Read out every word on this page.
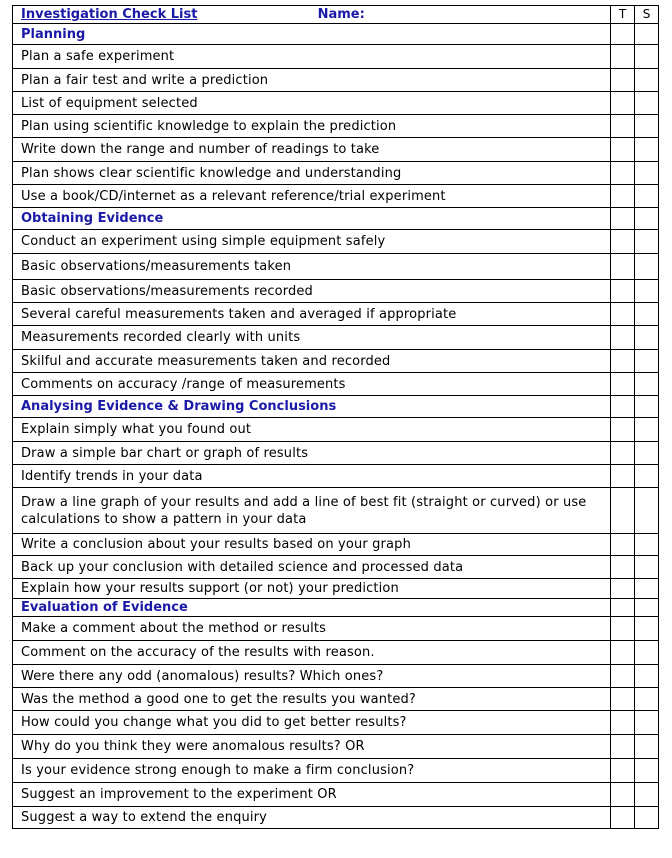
Investigation Check List Name:	T	S
Planning		
Plan a safe experiment		
Plan a fair test and write a prediction		
List of equipment selected		
Plan using scientific knowledge to explain the prediction		
Write down the range and number of readings to take		
Plan shows clear scientific knowledge and understanding		
Use a book/CD/internet as a relevant reference/trial experiment		
Obtaining Evidence		
Conduct an experiment using simple equipment safely		
Basic observations/measurements taken		
Basic observations/measurements recorded		
Several careful measurements taken and averaged if appropriate		
Measurements recorded clearly with units		
Skilful and accurate measurements taken and recorded		
Comments on accuracy /range of measurements		
Analysing Evidence & Drawing Conclusions		
Explain simply what you found out		
Draw a simple bar chart or graph of results		
Identify trends in your data		
Draw a line graph of your results and add a line of best fit (straight or curved) or use calculations to show a pattern in your data		
Write a conclusion about your results based on your graph		
Back up your conclusion with detailed science and processed data		
Explain how your results support (or not) your prediction		
Evaluation of Evidence		
Make a comment about the method or results		
Comment on the accuracy of the results with reason.		
Were there any odd (anomalous) results? Which ones?		
Was the method a good one to get the results you wanted?		
How could you change what you did to get better results?		
Why do you think they were anomalous results? OR		
Is your evidence strong enough to make a firm conclusion?		
Suggest an improvement to the experiment OR		
Suggest a way to extend the enquiry		
